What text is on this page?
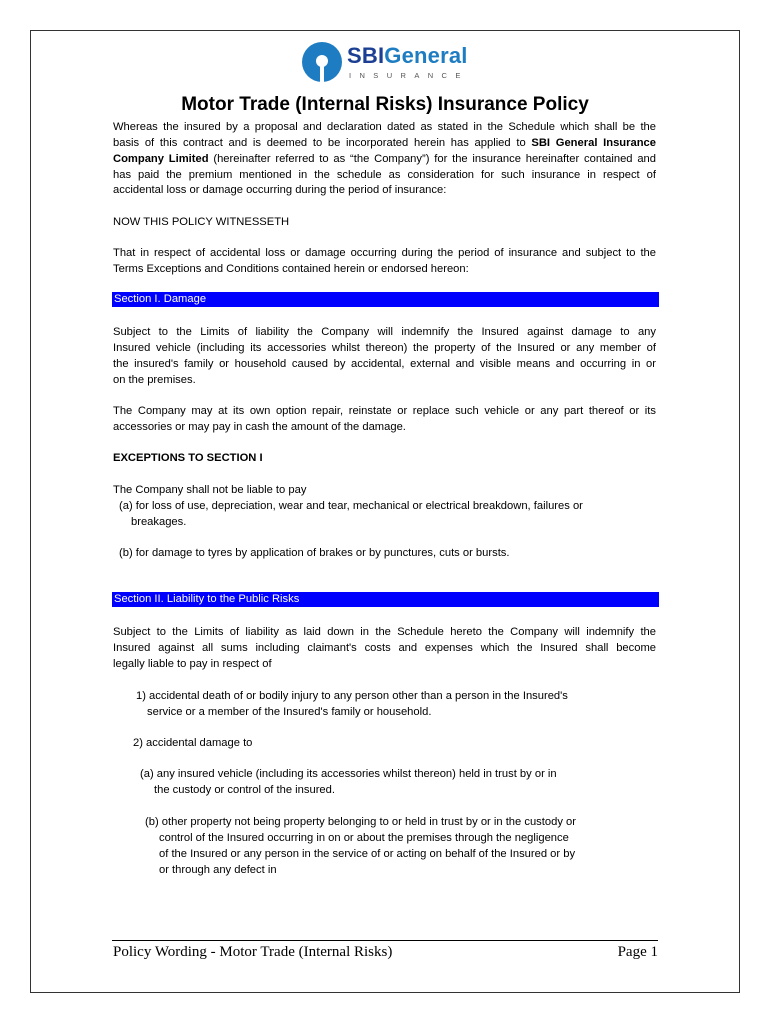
SBIGeneral
INSURANCE
Motor Trade (Internal Risks) Insurance Policy
Whereas the insured by a proposal and declaration dated as stated in the Schedule which shall be the
basis of this contract and is deemed to be incorporated herein has applied to SBI General Insurance
Company Limited (hereinafter referred to as “the Company”) for the insurance hereinafter contained and
has paid the premium mentioned in the schedule as consideration for such insurance in respect of
accidental loss or damage occurring during the period of insurance:
NOW THIS POLICY WITNESSETH
That in respect of accidental loss or damage occurring during the period of insurance and subject to the
Terms Exceptions and Conditions contained herein or endorsed hereon:
Section I. Damage
Subject to the Limits of liability the Company will indemnify the Insured against damage to any
Insured vehicle (including its accessories whilst thereon) the property of the Insured or any member of
the insured's family or household caused by accidental, external and visible means and occurring in or
on the premises.
The Company may at its own option repair, reinstate or replace such vehicle or any part thereof or its
accessories or may pay in cash the amount of the damage.
EXCEPTIONS TO SECTION I
The Company shall not be liable to pay
(a) for loss of use, depreciation, wear and tear, mechanical or electrical breakdown, failures or
breakages.
(b) for damage to tyres by application of brakes or by punctures, cuts or bursts.
Section II. Liability to the Public Risks
Subject to the Limits of liability as laid down in the Schedule hereto the Company will indemnify the
Insured against all sums including claimant's costs and expenses which the Insured shall become
legally liable to pay in respect of
1) accidental death of or bodily injury to any person other than a person in the Insured's
service or a member of the Insured's family or household.
2) accidental damage to
(a) any insured vehicle (including its accessories whilst thereon) held in trust by or in
the custody or control of the insured.
(b) other property not being property belonging to or held in trust by or in the custody or
control of the Insured occurring in on or about the premises through the negligence
of the Insured or any person in the service of or acting on behalf of the Insured or by
or through any defect in
Policy Wording - Motor Trade (Internal Risks)	Page 1
